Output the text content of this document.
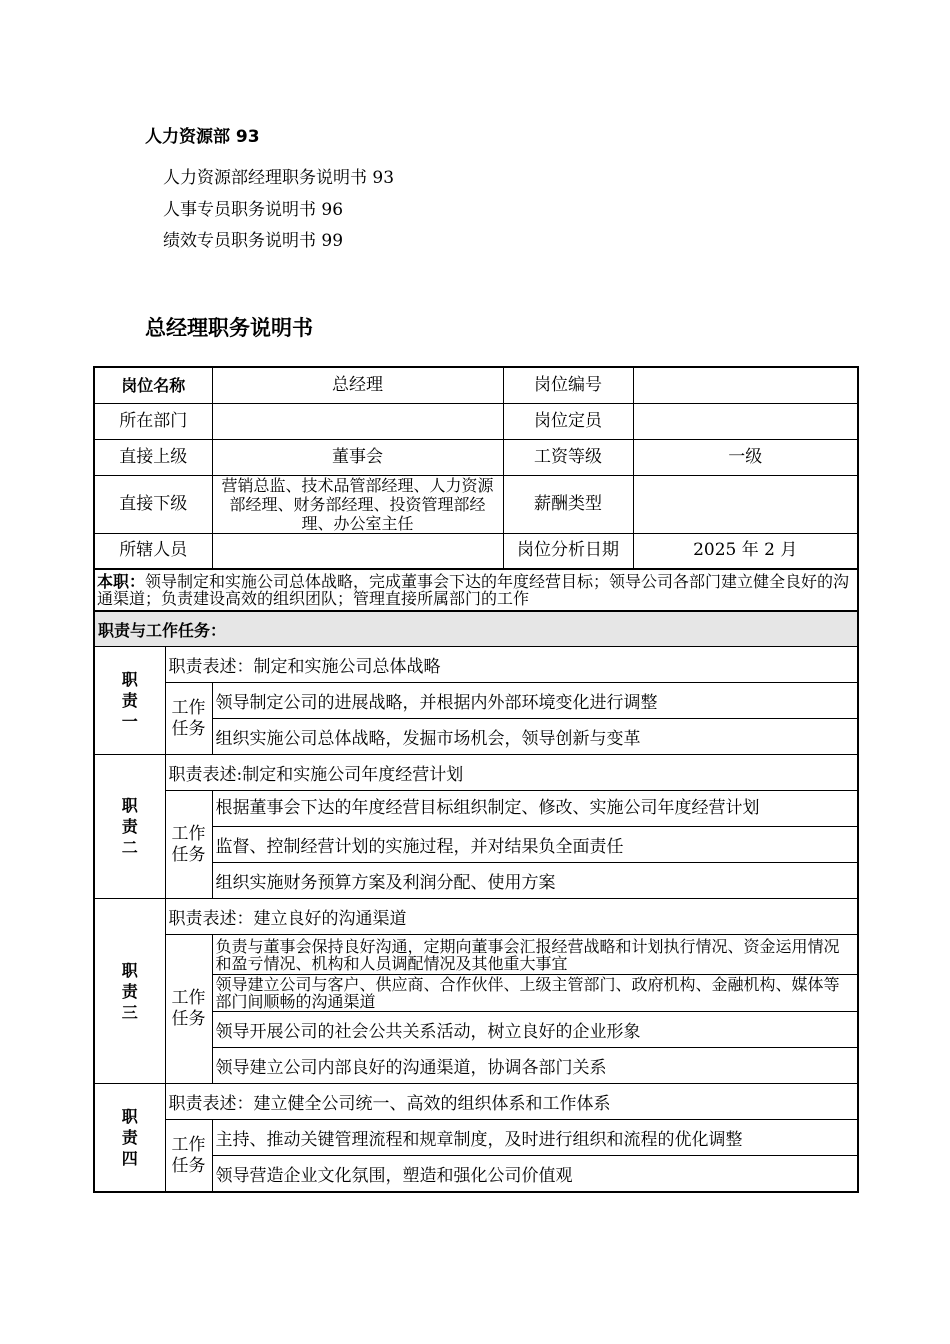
人力资源部 93
人力资源部经理职务说明书 93
人事专员职务说明书 96
绩效专员职务说明书 99
总经理职务说明书
岗位名称		总经理	岗位编号	
所在部门			岗位定员	
直接上级		董事会	工资等级	一级
直接下级		营销总监、技术品管部经理、人力资源部经理、财务部经理、投资管理部经理、办公室主任	薪酬类型	
所辖人员			岗位分析日期	2025 年 2 月
本职：领导制定和实施公司总体战略，完成董事会下达的年度经营目标；领导公司各部门建立健全良好的沟通渠道；负责建设高效的组织团队；管理直接所属部门的工作				
职责与工作任务：				

职责一	职责表述：制定和实施公司总体战略			

	工作任务	领导制定公司的进展战略，并根据内外部环境变化进行调整		
		组织实施公司总体战略，发掘市场机会，领导创新与变革		

职责二	职责表述:制定和实施公司年度经营计划			

	工作任务	根据董事会下达的年度经营目标组织制定、修改、实施公司年度经营计划		
		监督、控制经营计划的实施过程，并对结果负全面责任		
		组织实施财务预算方案及利润分配、使用方案		

职责三	职责表述：建立良好的沟通渠道			

	工作任务	负责与董事会保持良好沟通，定期向董事会汇报经营战略和计划执行情况、资金运用情况和盈亏情况、机构和人员调配情况及其他重大事宜		
		领导建立公司与客户、供应商、合作伙伴、上级主管部门、政府机构、金融机构、媒体等部门间顺畅的沟通渠道		
		领导开展公司的社会公共关系活动，树立良好的企业形象		
		领导建立公司内部良好的沟通渠道，协调各部门关系		

职责四	职责表述：建立健全公司统一、高效的组织体系和工作体系			

	工作任务	主持、推动关键管理流程和规章制度，及时进行组织和流程的优化调整		
		领导营造企业文化氛围，塑造和强化公司价值观		
